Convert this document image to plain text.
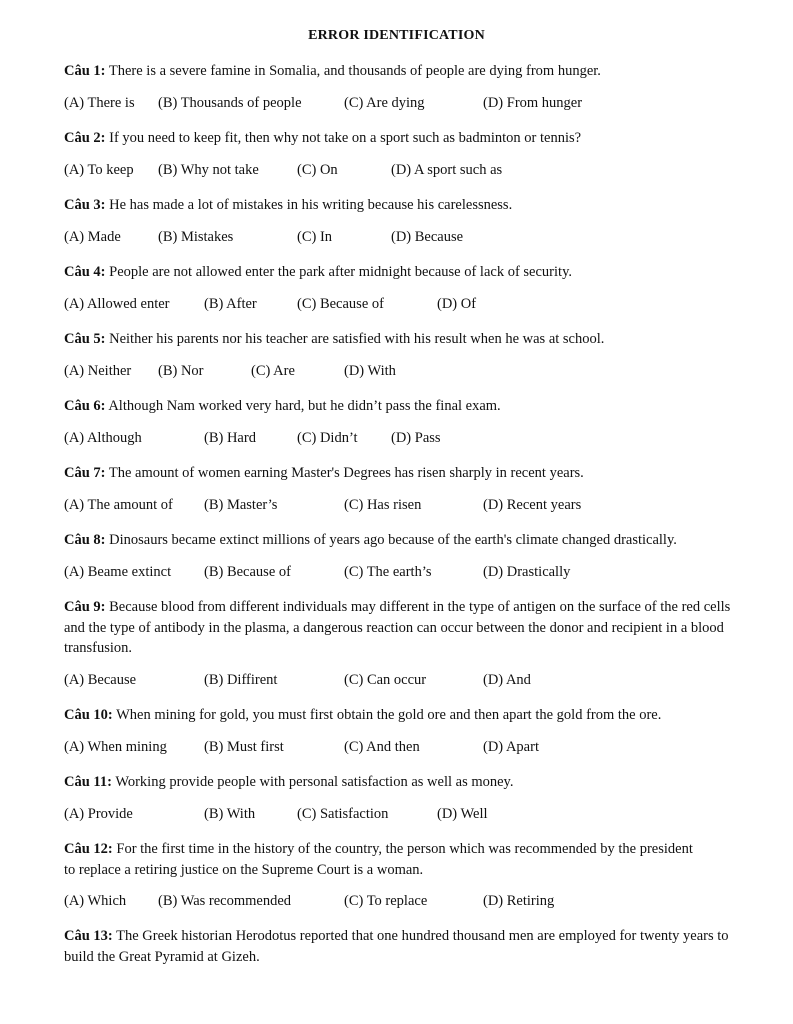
ERROR IDENTIFICATION
Câu 1: There is a severe famine in Somalia, and thousands of people are dying from hunger.
(A) There is (B) Thousands of people	(C) Are dying	(D) From hunger
Câu 2: If you need to keep fit, then why not take on a sport such as badminton or tennis?
(A) To keep (B) Why not take	(C) On	(D) A sport such as
Câu 3: He has made a lot of mistakes in his writing because his carelessness.
(A) Made	(B) Mistakes	(C) In	(D) Because
Câu 4: People are not allowed enter the park after midnight because of lack of security.
(A) Allowed enter (B) After	(C) Because of	(D) Of
Câu 5: Neither his parents nor his teacher are satisfied with his result when he was at school.
(A) Neither (B) Nor	(C) Are	(D) With
Câu 6: Although Nam worked very hard, but he didn’t pass the final exam.
(A) Although	(B) Hard	(C) Didn’t (D) Pass
Câu 7: The amount of women earning Master's Degrees has risen sharply in recent years.
(A) The amount of (B) Master’s	(C) Has risen	(D) Recent years
Câu 8: Dinosaurs became extinct millions of years ago because of the earth's climate changed drastically.
(A) Beame extinct (B) Because of	(C) The earth’s	(D) Drastically
Câu 9: Because blood from different individuals may different in the type of antigen on the surface of the red cells and the type of antibody in the plasma, a dangerous reaction can occur between the donor and recipient in a blood transfusion.
(A) Because	(B) Diffirent	(C) Can occur	(D) And
Câu 10: When mining for gold, you must first obtain the gold ore and then apart the gold from the ore.
(A) When mining	(B) Must first	(C) And then	(D) Apart
Câu 11: Working provide people with personal satisfaction as well as money.
(A) Provide	(B) With	(C) Satisfaction	(D) Well
Câu 12: For the first time in the history of the country, the person which was recommended by the president to replace a retiring justice on the Supreme Court is a woman.
(A) Which (B) Was recommended	(C) To replace	(D) Retiring
Câu 13: The Greek historian Herodotus reported that one hundred thousand men are employed for twenty years to build the Great Pyramid at Gizeh.
